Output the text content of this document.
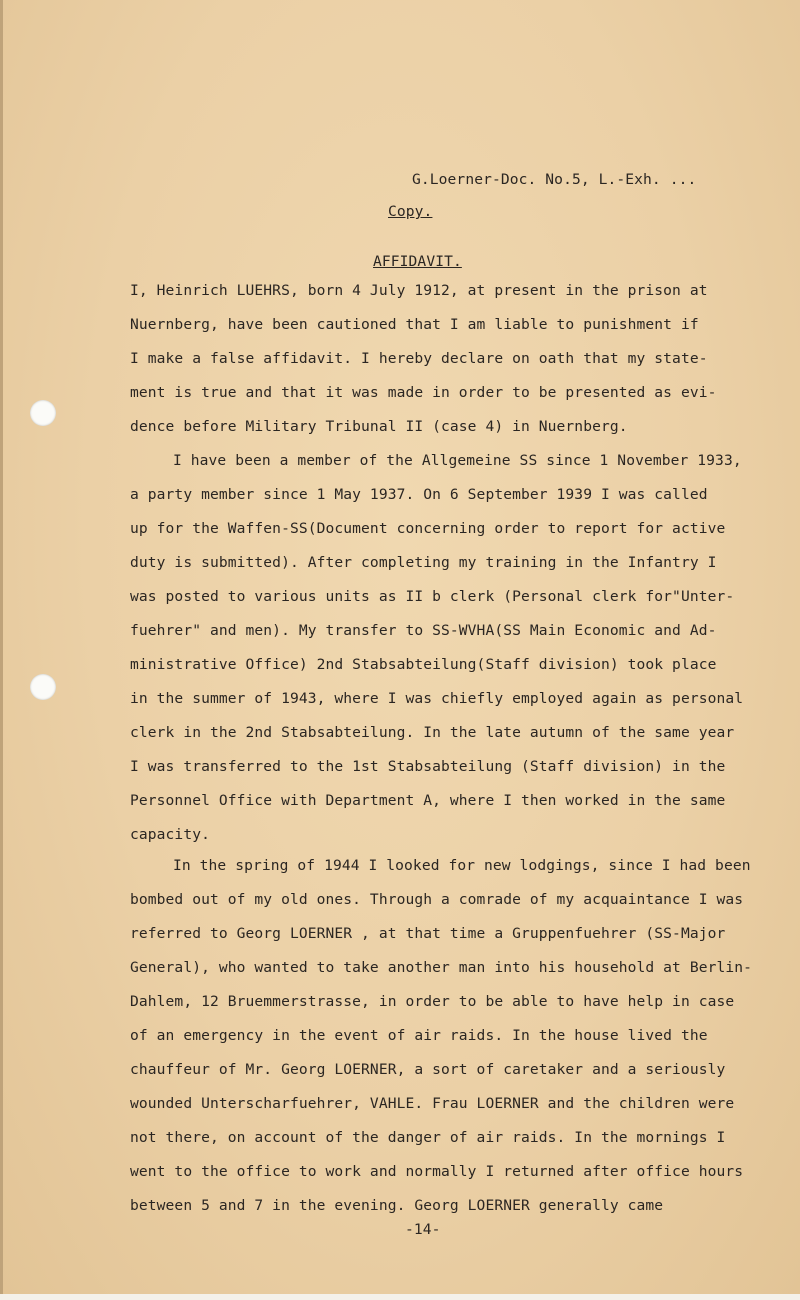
G.Loerner-Doc. No.5, L.-Exh. ...
Copy.
AFFIDAVIT.
I, Heinrich LUEHRS, born 4 July 1912, at present in the prison at
Nuernberg, have been cautioned that I am liable to punishment if
I make a false affidavit. I hereby declare on oath that my state-
ment is true and that it was made in order to be presented as evi-
dence before Military Tribunal II (case 4) in Nuernberg.
I have been a member of the Allgemeine SS since 1 November 1933,
a party member since 1 May 1937. On 6 September 1939 I was called
up for the Waffen-SS(Document concerning order to report for active
duty is submitted). After completing my training in the Infantry I
was posted to various units as II b clerk (Personal clerk for"Unter-
fuehrer" and men). My transfer to SS-WVHA(SS Main Economic and Ad-
ministrative Office) 2nd Stabsabteilung(Staff division) took place
in the summer of 1943, where I was chiefly employed again as personal
clerk in the 2nd Stabsabteilung. In the late autumn of the same year
I was transferred to the 1st Stabsabteilung (Staff division) in the
Personnel Office with Department A, where I then worked in the same
capacity.
In the spring of 1944 I looked for new lodgings, since I had been
bombed out of my old ones. Through a comrade of my acquaintance I was
referred to Georg LOERNER , at that time a Gruppenfuehrer (SS-Major
General), who wanted to take another man into his household at Berlin-
Dahlem, 12 Bruemmerstrasse, in order to be able to have help in case
of an emergency in the event of air raids. In the house lived the
chauffeur of Mr. Georg LOERNER, a sort of caretaker and a seriously
wounded Unterscharfuehrer, VAHLE. Frau LOERNER and the children were
not there, on account of the danger of air raids. In the mornings I
went to the office to work and normally I returned after office hours
between 5 and 7 in the evening. Georg LOERNER generally came
-14-
